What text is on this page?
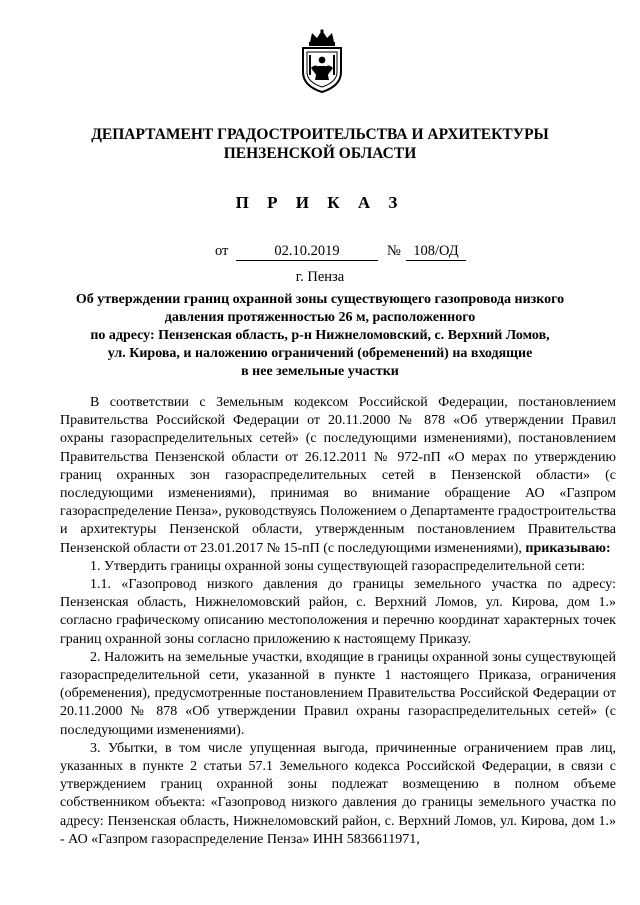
ДЕПАРТАМЕНТ ГРАДОСТРОИТЕЛЬСТВА И АРХИТЕКТУРЫ
ПЕНЗЕНСКОЙ ОБЛАСТИ
П Р И К А З
от	02.10.2019	№ 108/ОД
г. Пенза
Об утверждении границ охранной зоны существующего газопровода низкого
давления протяженностью 26 м, расположенного
по адресу: Пензенская область, р-н Нижнеломовский, с. Верхний Ломов,
ул. Кирова, и наложению ограничений (обременений) на входящие
в нее земельные участки

В соответствии с Земельным кодексом Российской Федерации, постановлением Правительства Российской Федерации от 20.11.2000 № 878 «Об утверждении Правил охраны газораспределительных сетей» (с последующими изменениями), постановлением Правительства Пензенской области от 26.12.2011 № 972-пП «О мерах по утверждению границ охранных зон газораспределительных сетей в Пензенской области» (с последующими изменениями), принимая во внимание обращение АО «Газпром газораспределение Пенза», руководствуясь Положением о Департаменте градостроительства и архитектуры Пензенской области, утвержденным постановлением Правительства Пензенской области от 23.01.2017 № 15-пП (с последующими изменениями), приказываю:

1. Утвердить границы охранной зоны существующей газораспределительной сети:

1.1. «Газопровод низкого давления до границы земельного участка по адресу: Пензенская область, Нижнеломовский район, с. Верхний Ломов, ул. Кирова, дом 1.» согласно графическому описанию местоположения и перечню координат характерных точек границ охранной зоны согласно приложению к настоящему Приказу.

2. Наложить на земельные участки, входящие в границы охранной зоны существующей газораспределительной сети, указанной в пункте 1 настоящего Приказа, ограничения (обременения), предусмотренные постановлением Правительства Российской Федерации от 20.11.2000 № 878 «Об утверждении Правил охраны газораспределительных сетей» (с последующими изменениями).

3. Убытки, в том числе упущенная выгода, причиненные ограничением прав лиц, указанных в пункте 2 статьи 57.1 Земельного кодекса Российской Федерации, в связи с утверждением границ охранной зоны подлежат возмещению в полном объеме собственником объекта: «Газопровод низкого давления до границы земельного участка по адресу: Пензенская область, Нижнеломовский район, с. Верхний Ломов, ул. Кирова, дом 1.» - АО «Газпром газораспределение Пенза» ИНН 5836611971,
